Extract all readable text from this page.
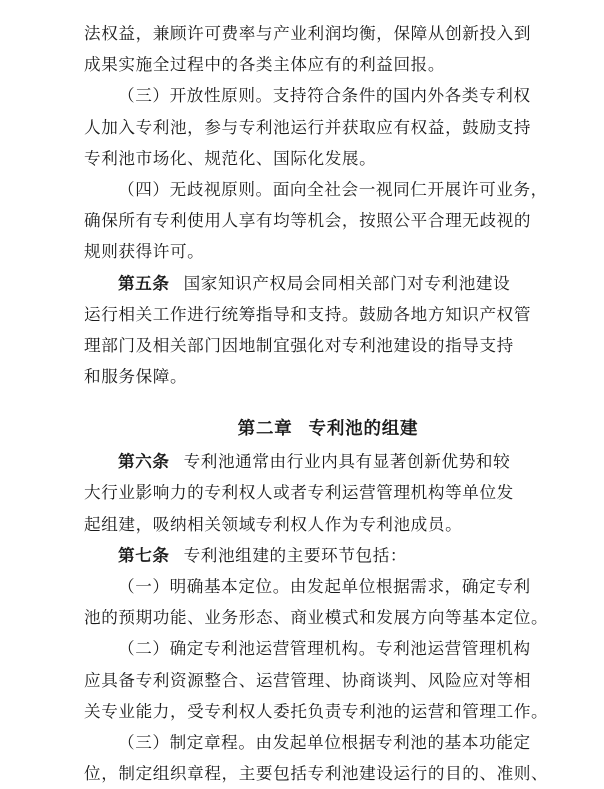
法权益，兼顾许可费率与产业利润均衡，保障从创新投入到
成果实施全过程中的各类主体应有的利益回报。
（三）开放性原则。支持符合条件的国内外各类专利权
人加入专利池，参与专利池运行并获取应有权益，鼓励支持
专利池市场化、规范化、国际化发展。
（四）无歧视原则。面向全社会一视同仁开展许可业务，
确保所有专利使用人享有均等机会，按照公平合理无歧视的
规则获得许可。
第五条 国家知识产权局会同相关部门对专利池建设
运行相关工作进行统筹指导和支持。鼓励各地方知识产权管
理部门及相关部门因地制宜强化对专利池建设的指导支持
和服务保障。
第二章 专利池的组建
第六条 专利池通常由行业内具有显著创新优势和较
大行业影响力的专利权人或者专利运营管理机构等单位发
起组建，吸纳相关领域专利权人作为专利池成员。
第七条 专利池组建的主要环节包括：
（一）明确基本定位。由发起单位根据需求，确定专利
池的预期功能、业务形态、商业模式和发展方向等基本定位。
（二）确定专利池运营管理机构。专利池运营管理机构
应具备专利资源整合、运营管理、协商谈判、风险应对等相
关专业能力，受专利权人委托负责专利池的运营和管理工作。
（三）制定章程。由发起单位根据专利池的基本功能定
位，制定组织章程，主要包括专利池建设运行的目的、准则、
